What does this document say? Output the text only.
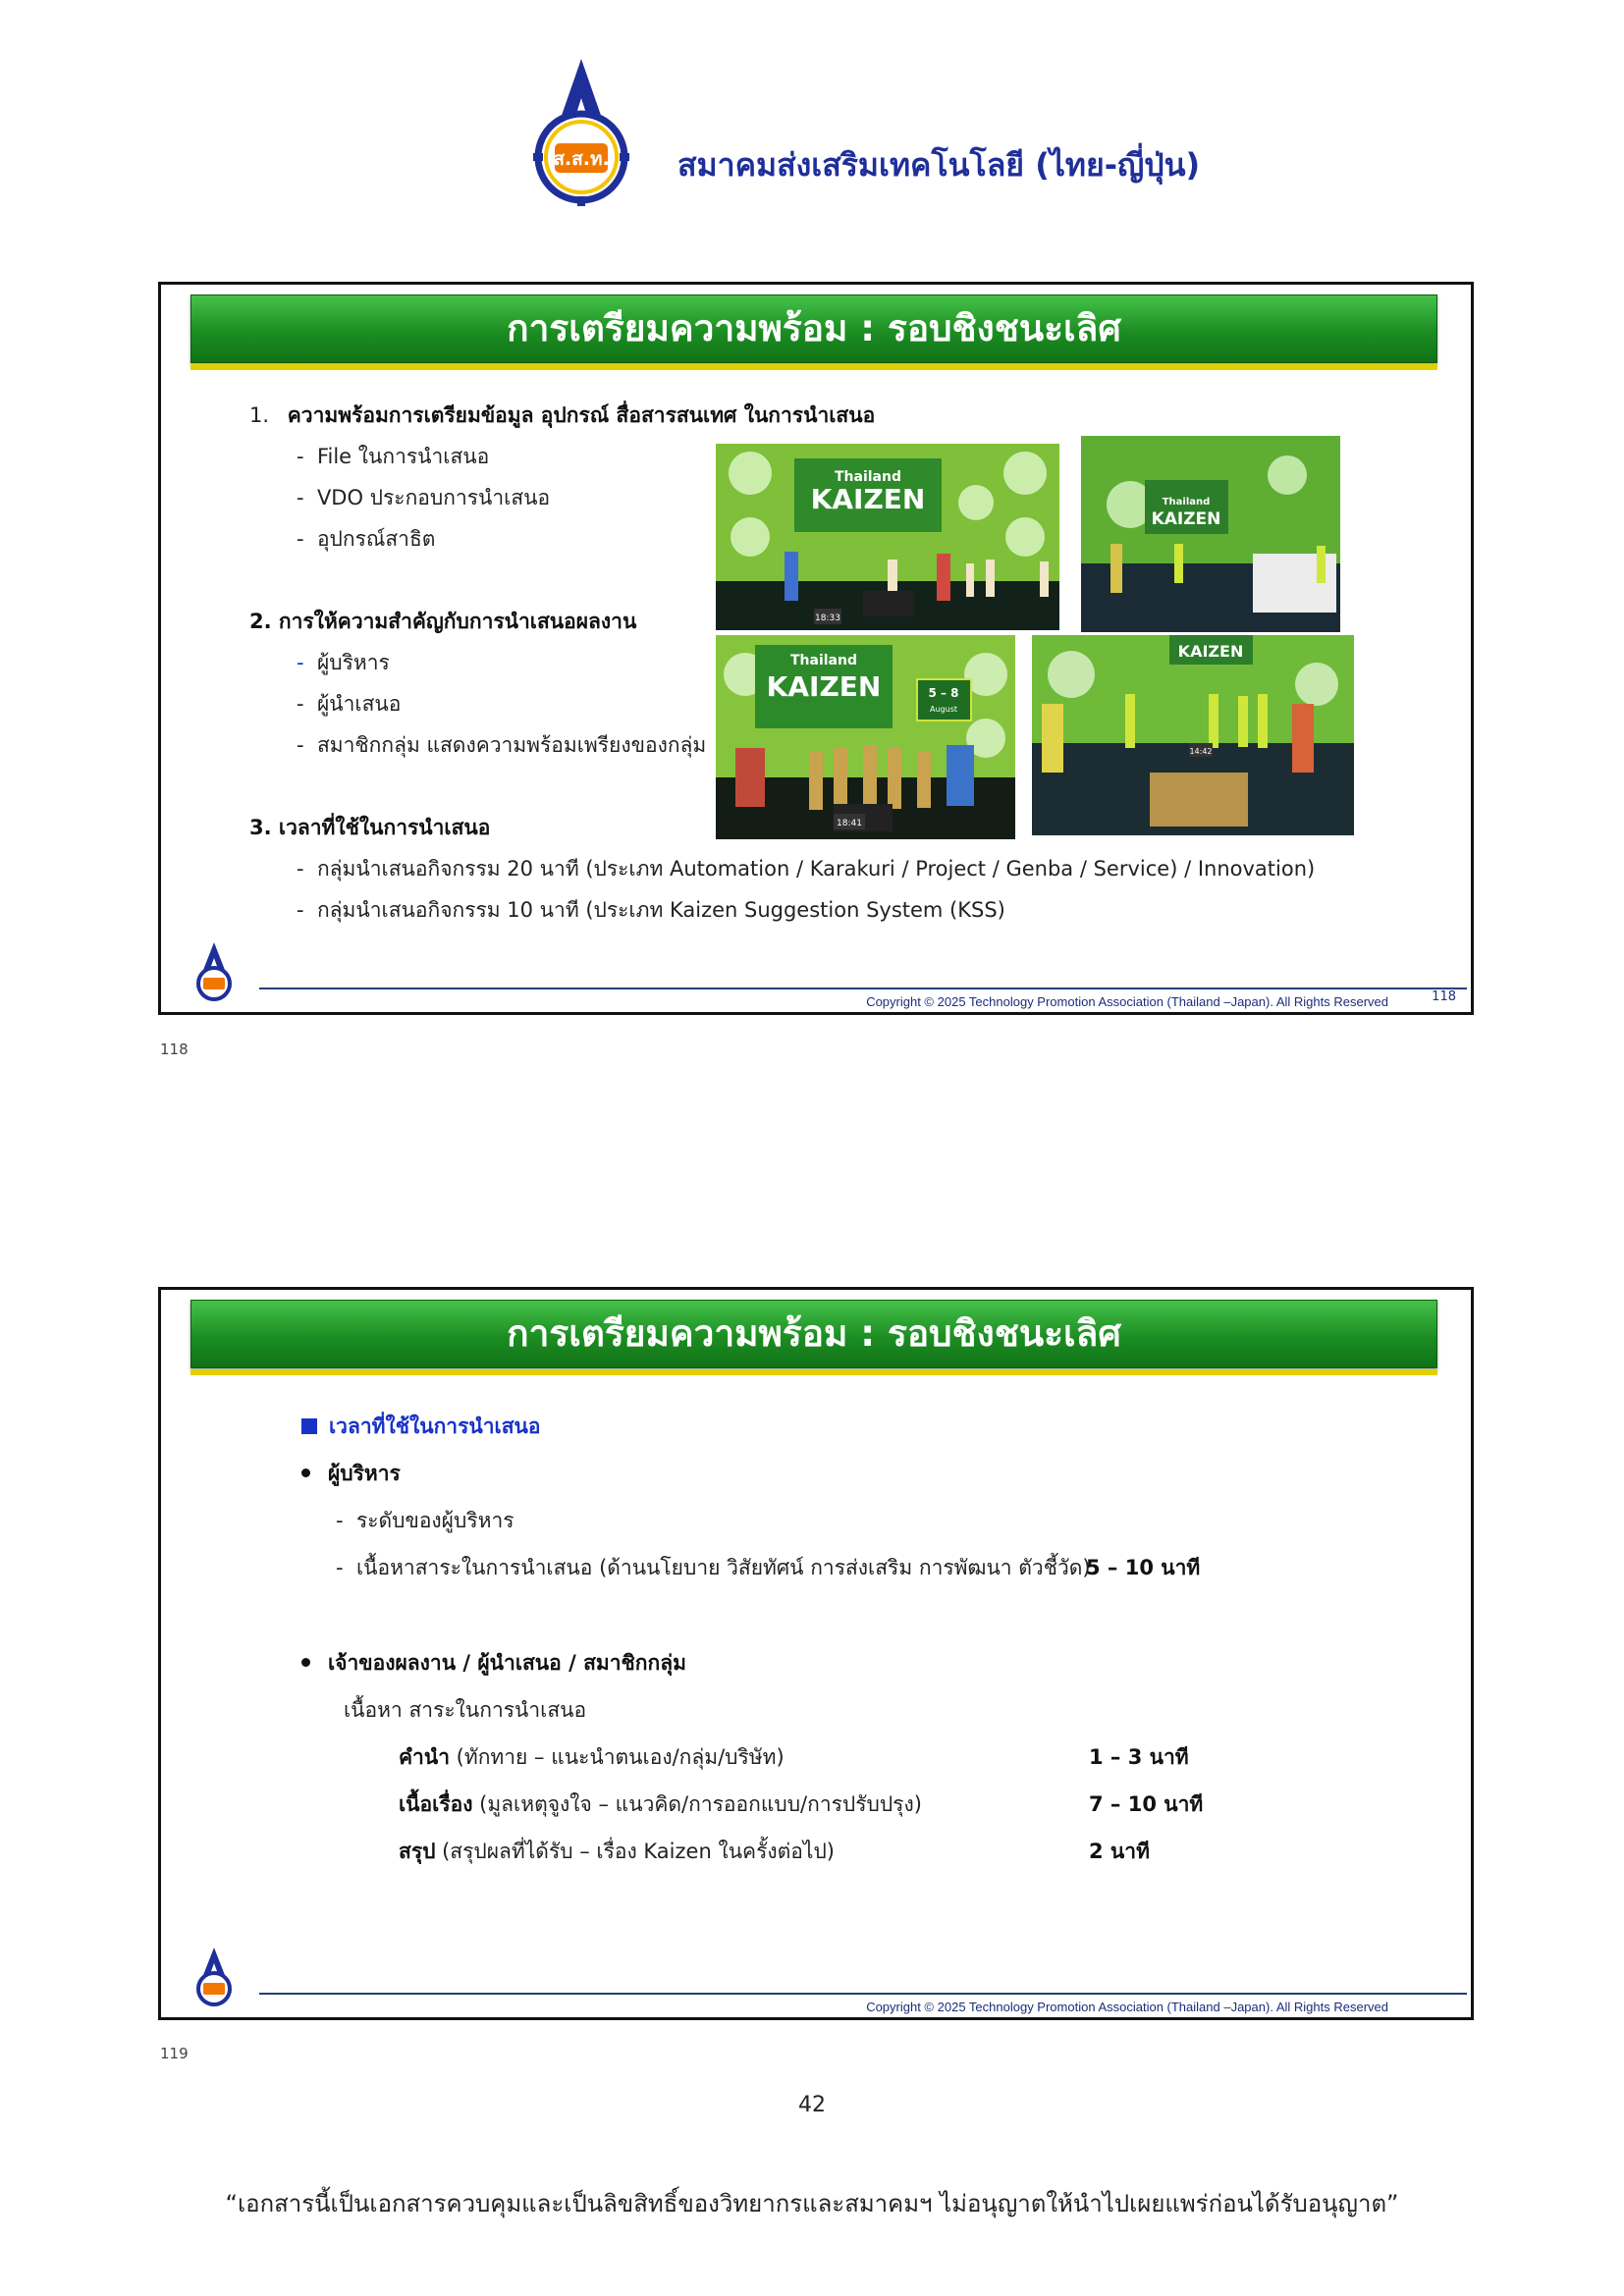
ส.ส.ท. สมาคมส่งเสริมเทคโนโลยี (ไทย-ญี่ปุ่น)
การเตรียมความพร้อม : รอบชิงชนะเลิศ
1. ความพร้อมการเตรียมข้อมูล อุปกรณ์ สื่อสารสนเทศ ในการนำเสนอ
-  File ในการนำเสนอ
-  VDO ประกอบการนำเสนอ
-  อุปกรณ์สาธิต
2. การให้ความสำคัญกับการนำเสนอผลงาน
- ผู้บริหาร
-  ผู้นำเสนอ
-  สมาชิกกลุ่ม แสดงความพร้อมเพรียงของกลุ่ม
3. เวลาที่ใช้ในการนำเสนอ
-  กลุ่มนำเสนอกิจกรรม 20 นาที (ประเภท Automation / Karakuri / Project / Genba / Service) / Innovation)
-  กลุ่มนำเสนอกิจกรรม 10 นาที (ประเภท Kaizen Suggestion System (KSS)
Thailand
KAIZEN
18:33
Thailand
KAIZEN
Thailand
KAIZEN	5 – 8
August
18:41
KAIZEN
14:42
Copyright © 2025 Technology Promotion Association (Thailand –Japan). All Rights Reserved	118
118
การเตรียมความพร้อม : รอบชิงชนะเลิศ
เวลาที่ใช้ในการนำเสนอ
ผู้บริหาร
-  ระดับของผู้บริหาร
-  เนื้อหาสาระในการนำเสนอ (ด้านนโยบาย วิสัยทัศน์ การส่งเสริม การพัฒนา ตัวชี้วัด)
5 – 10 นาที
เจ้าของผลงาน / ผู้นำเสนอ / สมาชิกกลุ่ม
เนื้อหา สาระในการนำเสนอ
คำนำ (ทักทาย – แนะนำตนเอง/กลุ่ม/บริษัท)	1 – 3 นาที
เนื้อเรื่อง (มูลเหตุจูงใจ – แนวคิด/การออกแบบ/การปรับปรุง)	7 – 10 นาที
สรุป (สรุปผลที่ได้รับ – เรื่อง Kaizen ในครั้งต่อไป)	2 นาที
Copyright © 2025 Technology Promotion Association (Thailand –Japan). All Rights Reserved
119
42
“เอกสารนี้เป็นเอกสารควบคุมและเป็นลิขสิทธิ์ของวิทยากรและสมาคมฯ ไม่อนุญาตให้นำไปเผยแพร่ก่อนได้รับอนุญาต”
